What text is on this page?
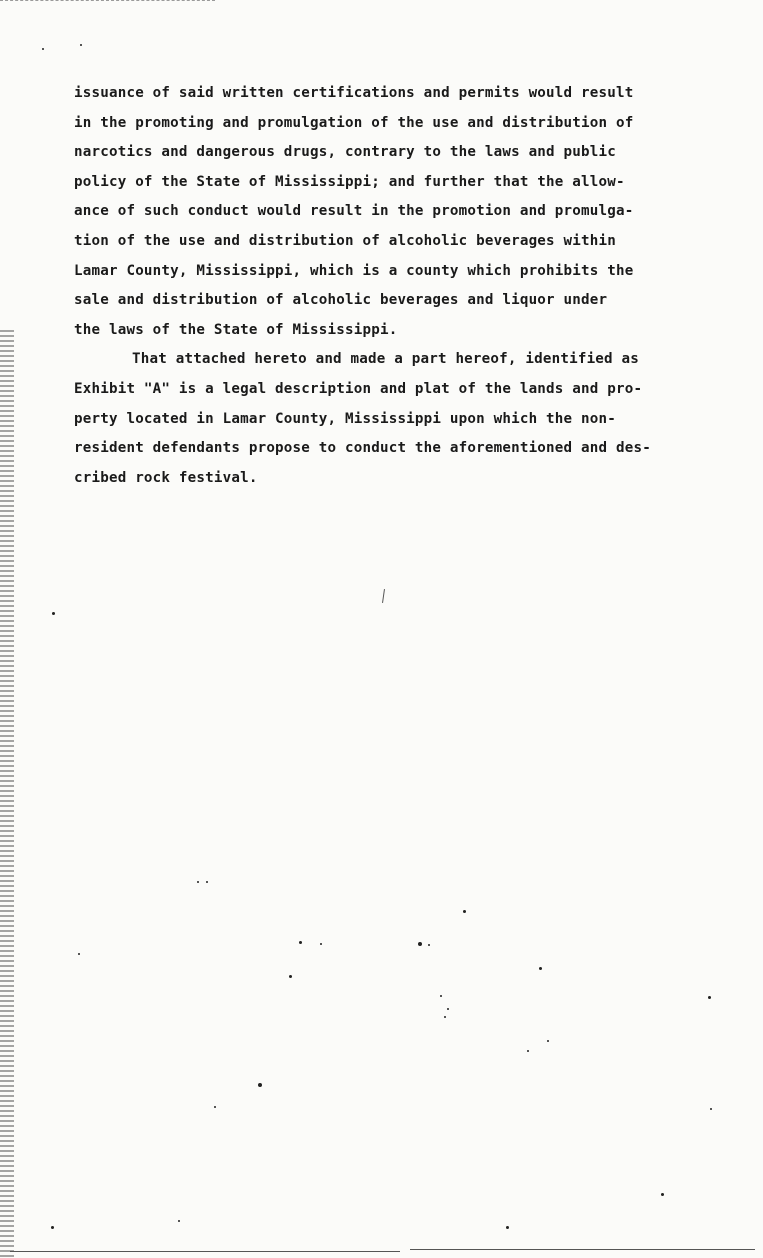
issuance of said written certifications and permits would result
in the promoting and promulgation of the use and distribution of
narcotics and dangerous drugs, contrary to the laws and public
policy of the State of Mississippi; and further that the allow-
ance of such conduct would result in the promotion and promulga-
tion of the use and distribution of alcoholic beverages within
Lamar County, Mississippi, which is a county which prohibits the
sale and distribution of alcoholic beverages and liquor under
the laws of the State of Mississippi.
That attached hereto and made a part hereof, identified as
Exhibit "A" is a legal description and plat of the lands and pro-
perty located in Lamar County, Mississippi upon which the non-
resident defendants propose to conduct the aforementioned and des-
cribed rock festival.
